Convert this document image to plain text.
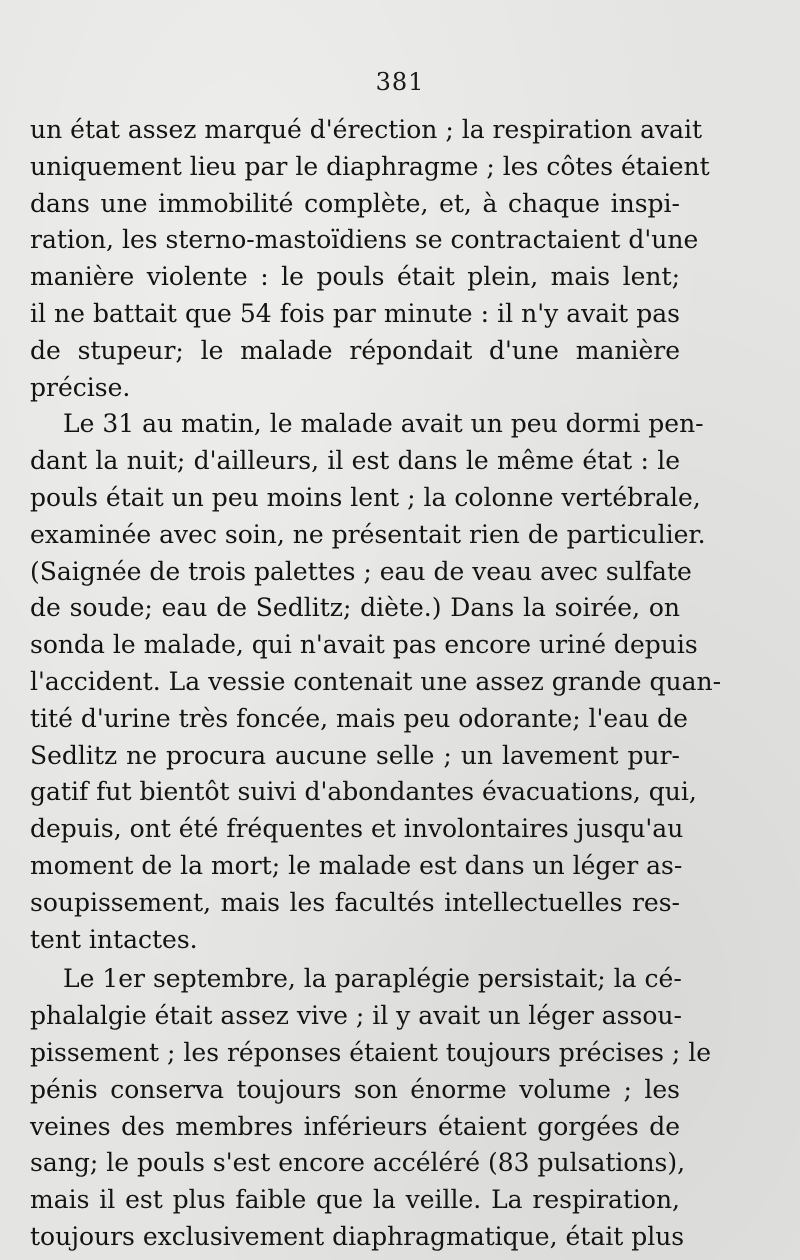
381
un état assez marqué d'érection ; la respiration avait
uniquement lieu par le diaphragme ; les côtes étaient
dans une immobilité complète, et, à chaque inspi-
ration, les sterno-mastoïdiens se contractaient d'une
manière violente : le pouls était plein, mais lent;
il ne battait que 54 fois par minute : il n'y avait pas
de stupeur; le malade répondait d'une manière
précise.
Le 31 au matin, le malade avait un peu dormi pen-
dant la nuit; d'ailleurs, il est dans le même état : le
pouls était un peu moins lent ; la colonne vertébrale,
examinée avec soin, ne présentait rien de particulier.
(Saignée de trois palettes ; eau de veau avec sulfate
de soude; eau de Sedlitz; diète.) Dans la soirée, on
sonda le malade, qui n'avait pas encore uriné depuis
l'accident. La vessie contenait une assez grande quan-
tité d'urine très foncée, mais peu odorante; l'eau de
Sedlitz ne procura aucune selle ; un lavement pur-
gatif fut bientôt suivi d'abondantes évacuations, qui,
depuis, ont été fréquentes et involontaires jusqu'au
moment de la mort; le malade est dans un léger as-
soupissement, mais les facultés intellectuelles res-
tent intactes.
Le 1er septembre, la paraplégie persistait; la cé-
phalalgie était assez vive ; il y avait un léger assou-
pissement ; les réponses étaient toujours précises ; le
pénis conserva toujours son énorme volume ; les
veines des membres inférieurs étaient gorgées de
sang; le pouls s'est encore accéléré (83 pulsations),
mais il est plus faible que la veille. La respiration,
toujours exclusivement diaphragmatique, était plus
